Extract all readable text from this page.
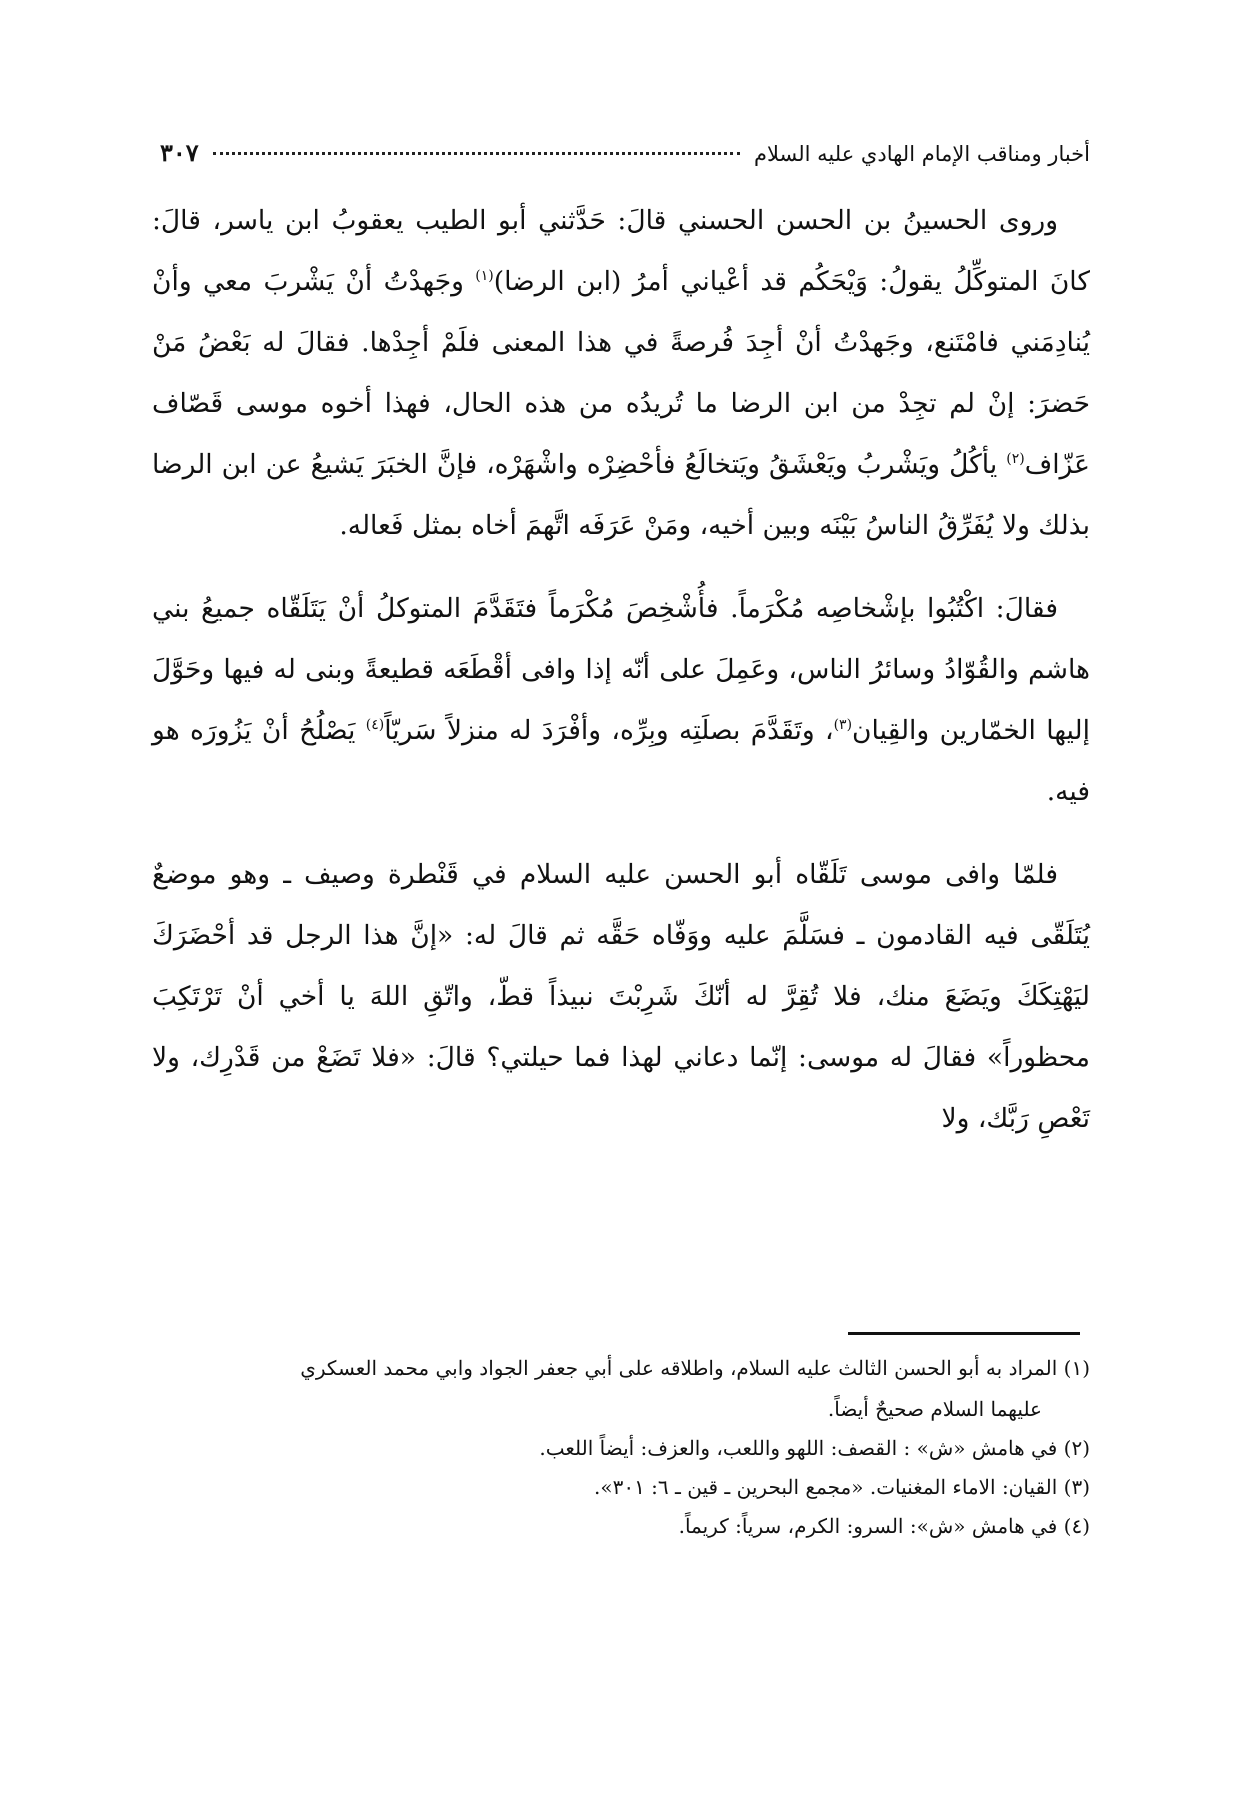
أخبار ومناقب الإمام الهادي عليه السلام
٣٠٧

وروى الحسينُ بن الحسن الحسني قالَ: حَدَّثني أبو الطيب يعقوبُ ابن ياسر، قالَ: كانَ المتوكِّلُ يقولُ: وَيْحَكُم قد أعْياني أمرُ (ابن الرضا)$^{(١)}$ وجَهدْتُ أنْ يَشْربَ معي وأنْ يُنادِمَني فامْتَنع، وجَهدْتُ أنْ أجِدَ فُرصةً في هذا المعنى فلَمْ أجِدْها. فقالَ له بَعْضُ مَنْ حَضرَ: إنْ لم تجِدْ من ابن الرضا ما تُريدُه من هذه الحال، فهذا أخوه موسى قَصّاف عَزّاف$^{(٢)}$ يأكُلُ ويَشْربُ ويَعْشَقُ ويَتخالَعُ فأحْضِرْه واشْهَرْه، فإنَّ الخبَرَ يَشيعُ عن ابن الرضا بذلك ولا يُفَرِّقُ الناسُ بَيْنَه وبين أخيه، ومَنْ عَرَفَه اتَّهمَ أخاه بمثل فَعاله.

فقالَ: اكْتُبُوا بإشْخاصِه مُكْرَماً. فأُشْخِصَ مُكْرَماً فتَقَدَّمَ المتوكلُ أنْ يَتَلَقّاه جميعُ بني هاشم والقُوّادُ وسائرُ الناس، وعَمِلَ على أنّه إذا وافى أقْطَعَه قطيعةً وبنى له فيها وحَوَّلَ إليها الخمّارين والقِيان$^{(٣)}$، وتَقَدَّمَ بصلَتِه وبِرِّه، وأفْرَدَ له منزلاً سَريّاً$^{(٤)}$ يَصْلُحُ أنْ يَزُورَه هو فيه.

فلمّا وافى موسى تَلَقّاه أبو الحسن عليه السلام في قَنْطرة وصيف ـ وهو موضعٌ يُتَلَقّى فيه القادمون ـ فسَلَّمَ عليه ووَفّاه حَقَّه ثم قالَ له: «إنَّ هذا الرجل قد أحْضَرَكَ ليَهْتِكَكَ ويَضَعَ منك، فلا تُقِرَّ له أنّكَ شَرِبْتَ نبيذاً قطّ، واتّقِ اللهَ يا أخي أنْ تَرْتَكِبَ محظوراً» فقالَ له موسى: إنّما دعاني لهذا فما حيلتي؟ قالَ: «فلا تَضَعْ من قَدْرِك، ولا تَعْصِ رَبَّك، ولا

(١) المراد به أبو الحسن الثالث عليه السلام، واطلاقه على أبي جعفر الجواد وابي محمد العسكري
عليهما السلام صحيحٌ أيضاً.
(٢) في هامش «ش» : القصف: اللهو واللعب، والعزف: أيضاً اللعب.
(٣) القيان: الاماء المغنيات. «مجمع البحرين ـ قين ـ ٦: ٣٠١».
(٤) في هامش «ش»: السرو: الكرم، سرياً: كريماً.
